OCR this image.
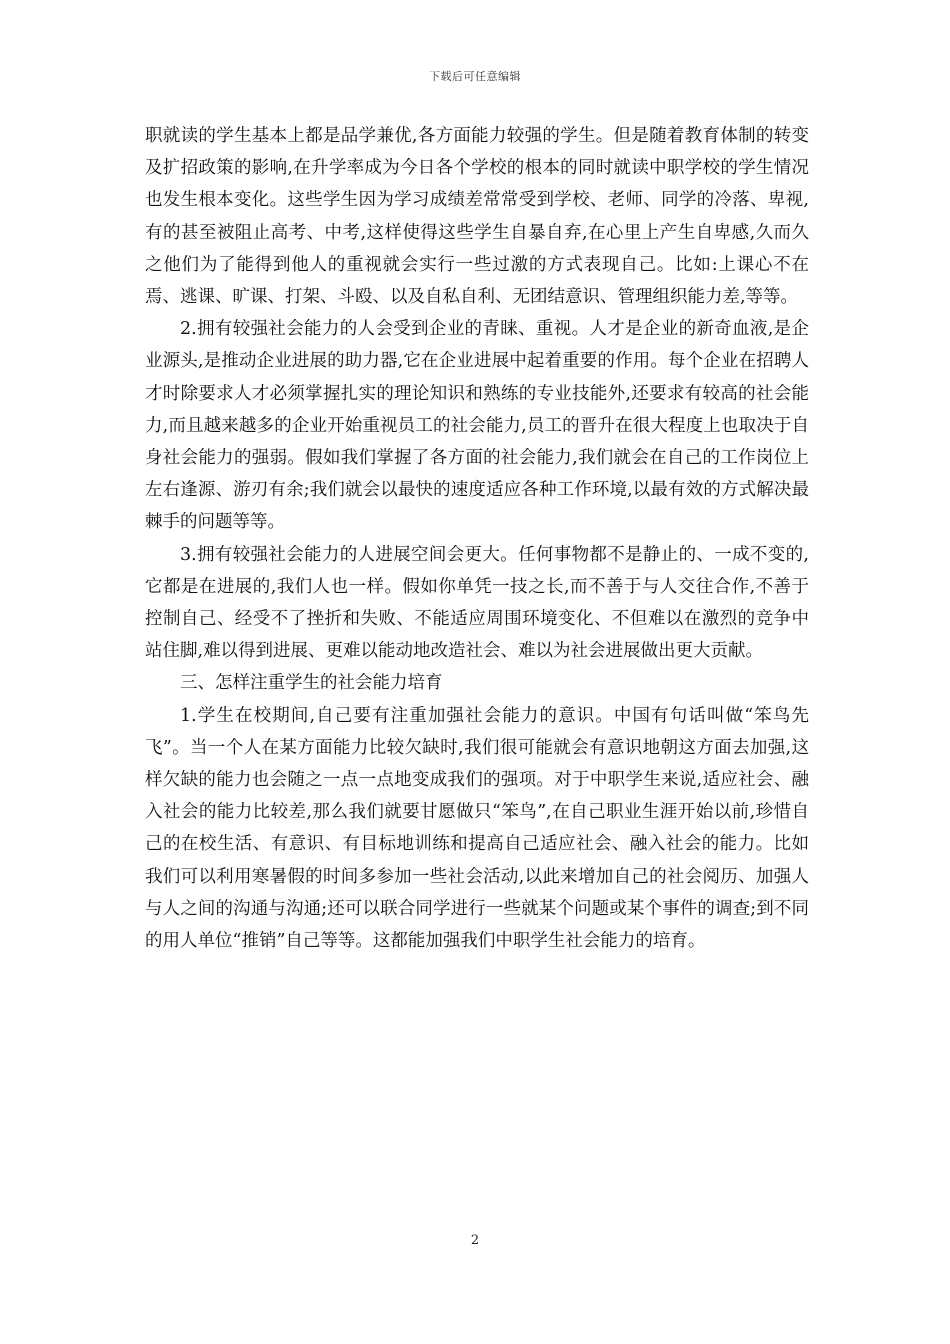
下载后可任意编辑

职就读的学生基本上都是品学兼优,各方面能力较强的学生。但是随着教育体制的转变及扩招政策的影响,在升学率成为今日各个学校的根本的同时就读中职学校的学生情况也发生根本变化。这些学生因为学习成绩差常常受到学校、老师、同学的冷落、卑视,有的甚至被阻止高考、中考,这样使得这些学生自暴自弃,在心里上产生自卑感,久而久之他们为了能得到他人的重视就会实行一些过激的方式表现自己。比如:上课心不在焉、逃课、旷课、打架、斗殴、以及自私自利、无团结意识、管理组织能力差,等等。

2.拥有较强社会能力的人会受到企业的青睐、重视。人才是企业的新奇血液,是企业源头,是推动企业进展的助力器,它在企业进展中起着重要的作用。每个企业在招聘人才时除要求人才必须掌握扎实的理论知识和熟练的专业技能外,还要求有较高的社会能力,而且越来越多的企业开始重视员工的社会能力,员工的晋升在很大程度上也取决于自身社会能力的强弱。假如我们掌握了各方面的社会能力,我们就会在自己的工作岗位上左右逢源、游刃有余;我们就会以最快的速度适应各种工作环境,以最有效的方式解决最棘手的问题等等。

3.拥有较强社会能力的人进展空间会更大。任何事物都不是静止的、一成不变的,它都是在进展的,我们人也一样。假如你单凭一技之长,而不善于与人交往合作,不善于控制自己、经受不了挫折和失败、不能适应周围环境变化、不但难以在激烈的竞争中站住脚,难以得到进展、更难以能动地改造社会、难以为社会进展做出更大贡献。

三、怎样注重学生的社会能力培育

1.学生在校期间,自己要有注重加强社会能力的意识。中国有句话叫做“笨鸟先飞”。当一个人在某方面能力比较欠缺时,我们很可能就会有意识地朝这方面去加强,这样欠缺的能力也会随之一点一点地变成我们的强项。对于中职学生来说,适应社会、融入社会的能力比较差,那么我们就要甘愿做只“笨鸟”,在自己职业生涯开始以前,珍惜自己的在校生活、有意识、有目标地训练和提高自己适应社会、融入社会的能力。比如我们可以利用寒暑假的时间多参加一些社会活动,以此来增加自己的社会阅历、加强人与人之间的沟通与沟通;还可以联合同学进行一些就某个问题或某个事件的调查;到不同的用人单位“推销”自己等等。这都能加强我们中职学生社会能力的培育。

2
